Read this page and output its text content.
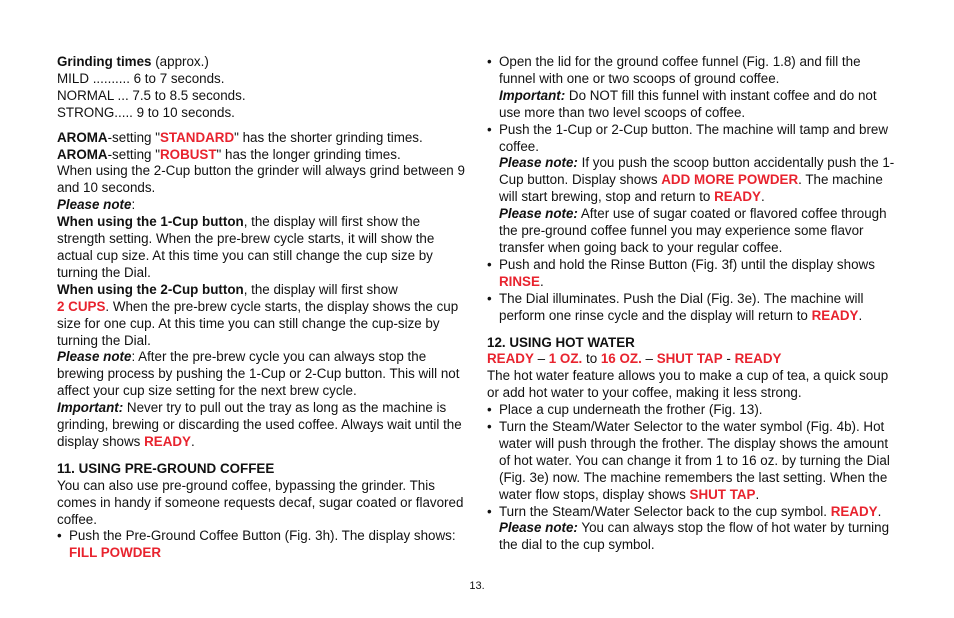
Grinding times (approx.)

MILD .......... 6 to 7 seconds.

NORMAL ... 7.5 to 8.5 seconds.

STRONG..... 9 to 10 seconds.

AROMA-setting "STANDARD" has the shorter grinding times.

AROMA-setting "ROBUST" has the longer grinding times.

When using the 2-Cup button the grinder will always grind between 9 and 10 seconds.

Please note:

When using the 1-Cup button, the display will first show the strength setting. When the pre-brew cycle starts, it will show the actual cup size. At this time you can still change the cup size by turning the Dial.

When using the 2-Cup button, the display will first show
2 CUPS. When the pre-brew cycle starts, the display shows the cup size for one cup. At this time you can still change the cup-size by turning the Dial.

Please note: After the pre-brew cycle you can always stop the brewing process by pushing the 1-Cup or 2-Cup button. This will not affect your cup size setting for the next brew cycle.

Important: Never try to pull out the tray as long as the machine is grinding, brewing or discarding the used coffee. Always wait until the display shows READY.

11. USING PRE-GROUND COFFEE

You can also use pre-ground coffee, bypassing the grinder. This comes in handy if someone requests decaf, sugar coated or flavored coffee.

• Push the Pre-Ground Coffee Button (Fig. 3h). The display shows: FILL POWDER

• Open the lid for the ground coffee funnel (Fig. 1.8) and fill the funnel with one or two scoops of ground coffee.

Important: Do NOT fill this funnel with instant coffee and do not use more than two level scoops of coffee.

• Push the 1-Cup or 2-Cup button. The machine will tamp and brew coffee.

Please note: If you push the scoop button accidentally push the 1-Cup button. Display shows ADD MORE POWDER. The machine will start brewing, stop and return to READY.

Please note: After use of sugar coated or flavored coffee through the pre-ground coffee funnel you may experience some flavor transfer when going back to your regular coffee.

• Push and hold the Rinse Button (Fig. 3f) until the display shows RINSE.

• The Dial illuminates. Push the Dial (Fig. 3e). The machine will perform one rinse cycle and the display will return to READY.

12. USING HOT WATER

READY – 1 OZ. to 16 OZ. – SHUT TAP - READY

The hot water feature allows you to make a cup of tea, a quick soup or add hot water to your coffee, making it less strong.

• Place a cup underneath the frother (Fig. 13).

• Turn the Steam/Water Selector to the water symbol (Fig. 4b). Hot water will push through the frother. The display shows the amount of hot water. You can change it from 1 to 16 oz. by turning the Dial (Fig. 3e) now. The machine remembers the last setting. When the water flow stops, display shows SHUT TAP.

• Turn the Steam/Water Selector back to the cup symbol. READY.

Please note: You can always stop the flow of hot water by turning the dial to the cup symbol.

13.
